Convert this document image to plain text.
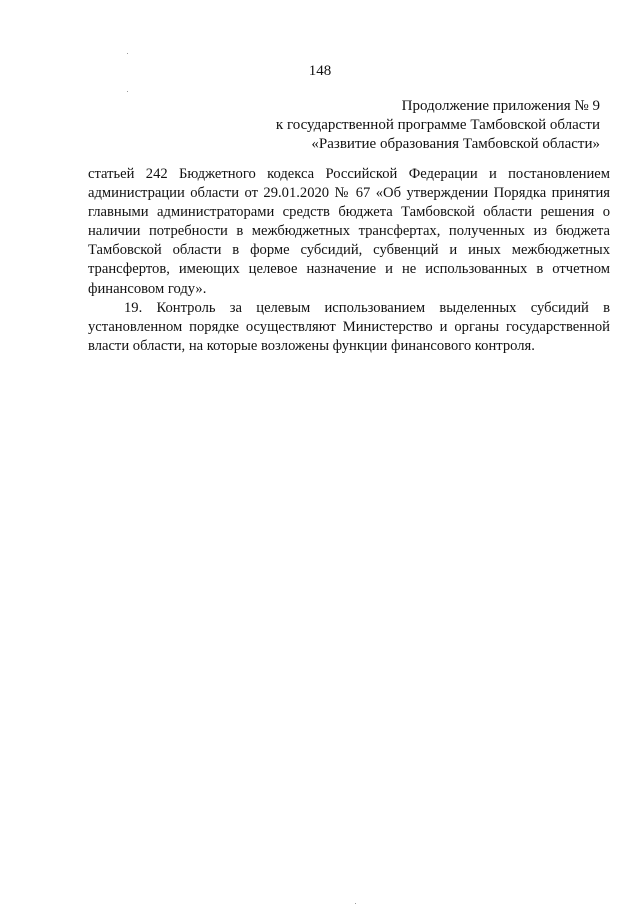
148
Продолжение приложения № 9
к государственной программе Тамбовской области
«Развитие образования Тамбовской области»

статьей 242 Бюджетного кодекса Российской Федерации и постановлением администрации области от 29.01.2020 № 67 «Об утверждении Порядка принятия главными администраторами средств бюджета Тамбовской области решения о наличии потребности в межбюджетных трансфертах, полученных из бюджета Тамбовской области в форме субсидий, субвенций и иных межбюджетных трансфертов, имеющих целевое назначение и не использованных в отчетном финансовом году».

19. Контроль за целевым использованием выделенных субсидий в установленном порядке осуществляют Министерство и органы государственной власти области, на которые возложены функции финансового контроля.
